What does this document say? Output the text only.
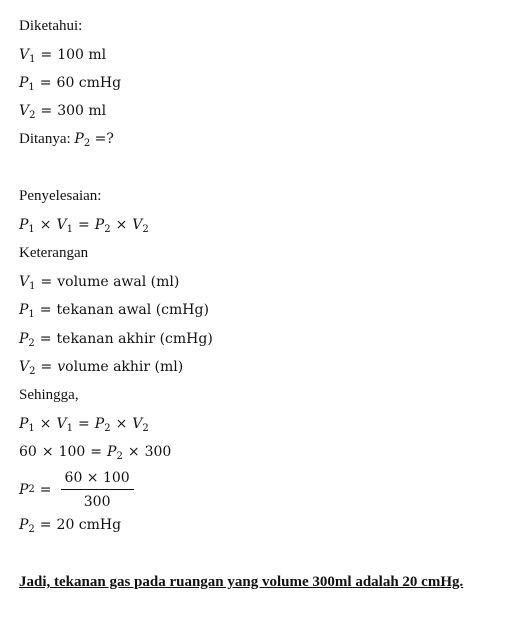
Diketahui:
$V_1 = 100$ ml
$P_1 = 60$ cmHg
$V_2 = 300$ ml
Ditanya: $P_2$ =?
Penyelesaian:
$P_1 \times V_1 = P_2 \times V_2$
Keterangan
$V_1$ = volume awal (ml)
$P_1$ = tekanan awal (cmHg)
$P_2$ = tekanan akhir (cmHg)
$V_2$ = volume akhir (ml)
Sehingga,
$P_1 \times V_1 = P_2 \times V_2$
$60 \times 100 = P_2 \times 300$
P $2 = \frac{60 \times 100}{300}$
$P_2 = 20$ cmHg
Jadi, tekanan gas pada ruangan yang volume 300ml adalah 20 cmHg.
